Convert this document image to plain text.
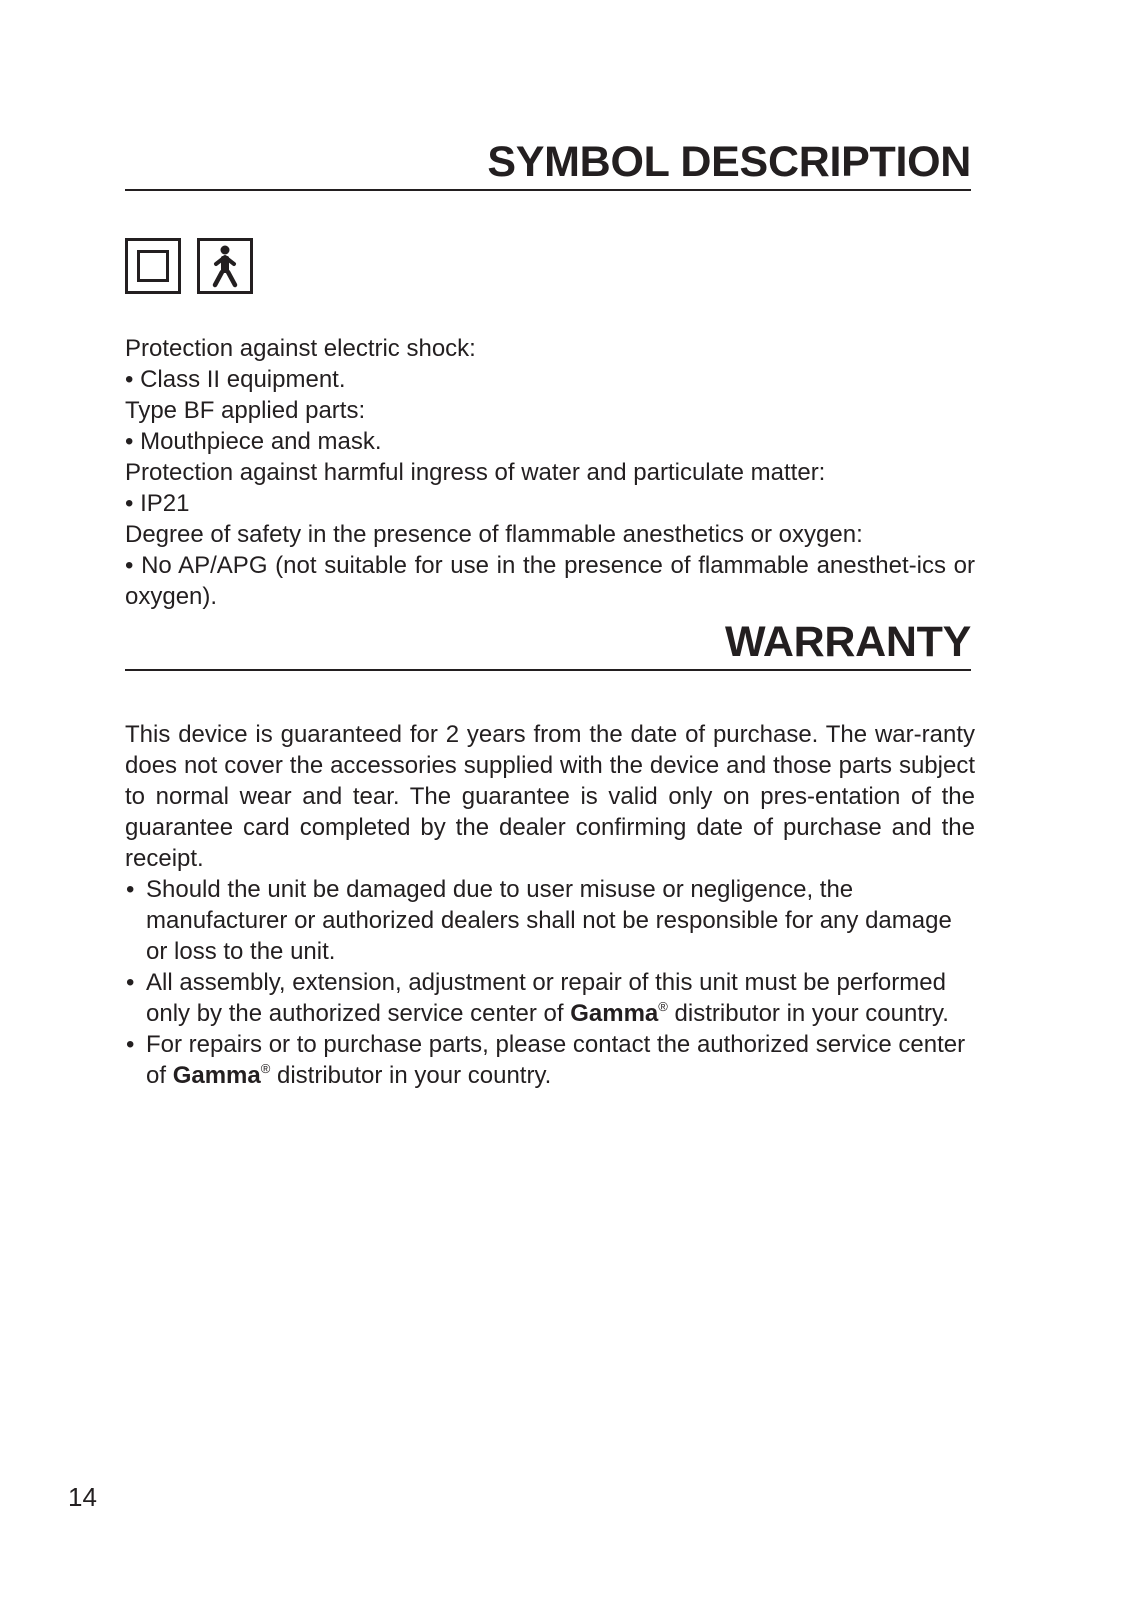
SYMBOL DESCRIPTION

Protection against electric shock:

• Class II equipment.

Type BF applied parts:

• Mouthpiece and mask.

Protection against harmful ingress of water and particulate matter:

• IP21

Degree of safety in the presence of flammable anesthetics or oxygen:

• No AP/APG (not suitable for use in the presence of flammable anesthet-ics or oxygen).

WARRANTY

This device is guaranteed for 2 years from the date of purchase. The war-ranty does not cover the accessories supplied with the device and those parts subject to normal wear and tear. The guarantee is valid only on pres-entation of the guarantee card completed by the dealer confirming date of purchase and the receipt.

• Should the unit be damaged due to user misuse or negligence, the manufacturer or authorized dealers shall not be responsible for any damage or loss to the unit.
• All assembly, extension, adjustment or repair of this unit must be performed only by the authorized service center of Gamma® distributor in your country.
• For repairs or to purchase parts, please contact the authorized service center of Gamma® distributor in your country.
14
